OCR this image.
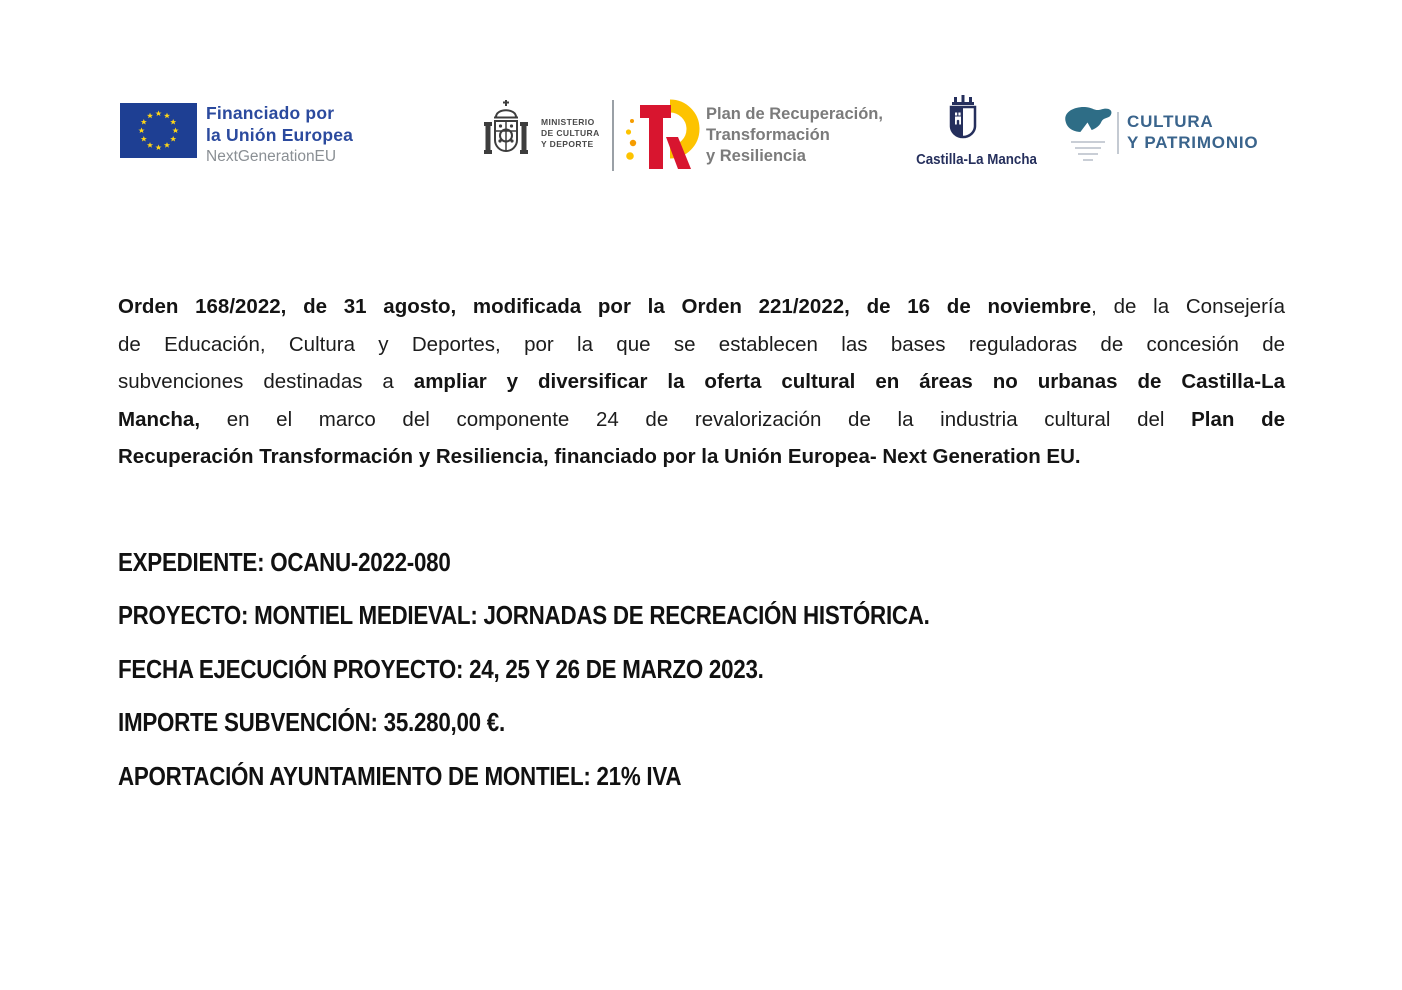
Financiado por
la Unión Europea
NextGenerationEU
MINISTERIO
DE CULTURA
Y DEPORTE
Plan de Recuperación,
Transformación
y Resiliencia	Castilla-La Mancha
CULTURA
Y PATRIMONIO
Orden 168/2022, de 31 agosto, modificada por la Orden 221/2022, de 16 de noviembre, de la Consejería
de Educación, Cultura y Deportes, por la que se establecen las bases reguladoras de concesión de
subvenciones destinadas a ampliar y diversificar la oferta cultural en áreas no urbanas de Castilla-La
Mancha, en el marco del componente 24 de revalorización de la industria cultural del Plan de
Recuperación Transformación y Resiliencia, financiado por la Unión Europea- Next Generation EU.
EXPEDIENTE: OCANU-2022-080
PROYECTO: MONTIEL MEDIEVAL: JORNADAS DE RECREACIÓN HISTÓRICA.
FECHA EJECUCIÓN PROYECTO: 24, 25 Y 26 DE MARZO 2023.
IMPORTE SUBVENCIÓN: 35.280,00 €.
APORTACIÓN AYUNTAMIENTO DE MONTIEL: 21% IVA
